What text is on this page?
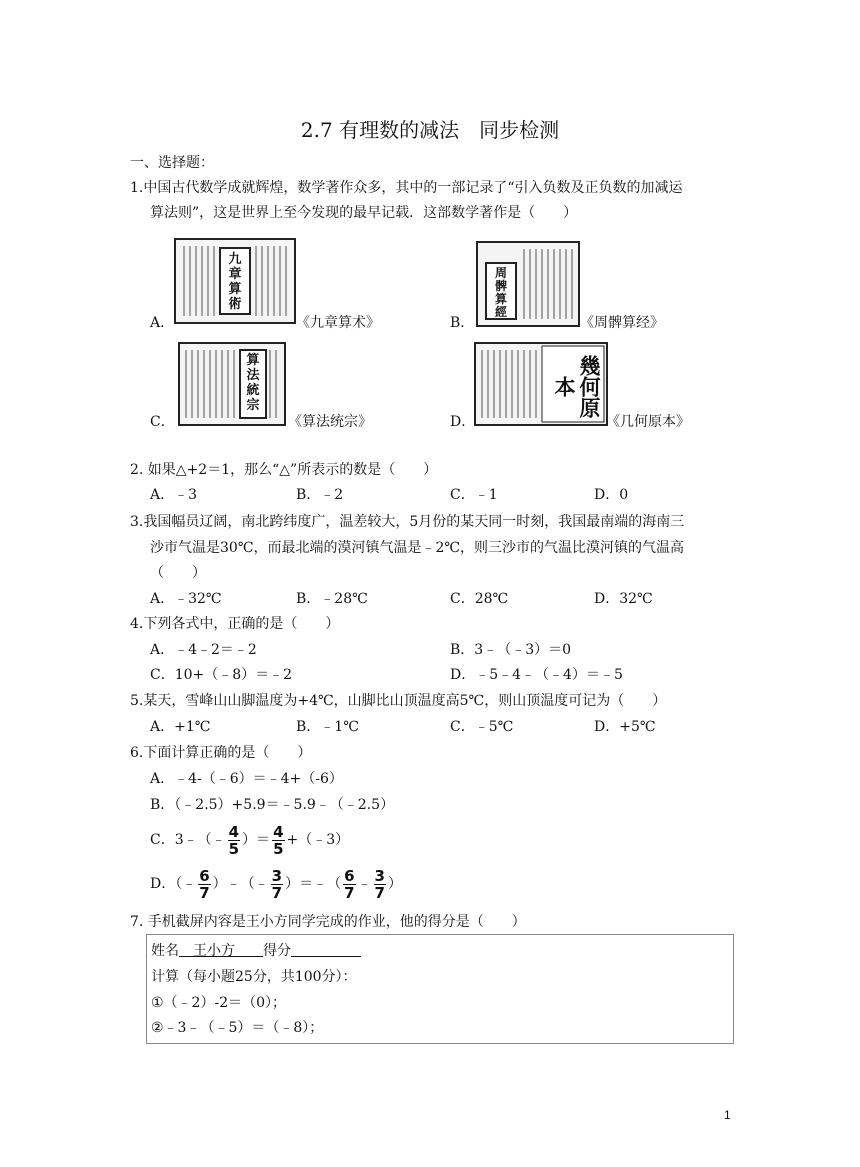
2.7 有理数的减法　同步检测
一、选择题：
1.中国古代数学成就辉煌，数学著作众多，其中的一部记录了“引入负数及正负数的加减运
算法则”，这是世界上至今发现的最早记载．这部数学著作是（　　）
九章算術
A．	《九章算术》
周髀算經
B．	《周髀算经》
算法統宗
C．	《算法统宗》
幾何原本
D．	《几何原本》
2. 如果△+2＝1，那么“△”所表示的数是（　　）
A．﹣3	B．﹣2	C．﹣1	D．0
3.我国幅员辽阔，南北跨纬度广，温差较大，5月份的某天同一时刻，我国最南端的海南三
沙市气温是30℃，而最北端的漠河镇气温是﹣2℃，则三沙市的气温比漠河镇的气温高
（　　）
A．﹣32℃	B．﹣28℃	C．28℃	D．32℃
4.下列各式中，正确的是（　　）
A．﹣4﹣2＝﹣2	B．3﹣（﹣3）＝0
C．10+（﹣8）＝﹣2	D．﹣5﹣4﹣（﹣4）＝﹣5
5.某天，雪峰山山脚温度为+4℃，山脚比山顶温度高5℃，则山顶温度可记为（　　）
A．+1℃	B．﹣1℃	C．﹣5℃	D．+5℃
6.下面计算正确的是（　　）
A．﹣4-（﹣6）＝﹣4+（-6）
B．（﹣2.5）+5.9＝﹣5.9﹣（﹣2.5）
C．3﹣（﹣ $\frac{4}{5}$ ）＝ $\frac{4}{5}$ +（﹣3）
D．（﹣ $\frac{6}{7}$ ）﹣（﹣ $\frac{3}{7}$ ）＝﹣（ $\frac{6}{7}$ ﹣ $\frac{3}{7}$ ）
7. 手机截屏内容是王小方同学完成的作业，他的得分是（　　）
姓名　王小方　　得分　　　　　
计算（每小题25分，共100分）：
①（﹣2）-2＝（0）；
②﹣3﹣（﹣5）＝（﹣8）；
1
